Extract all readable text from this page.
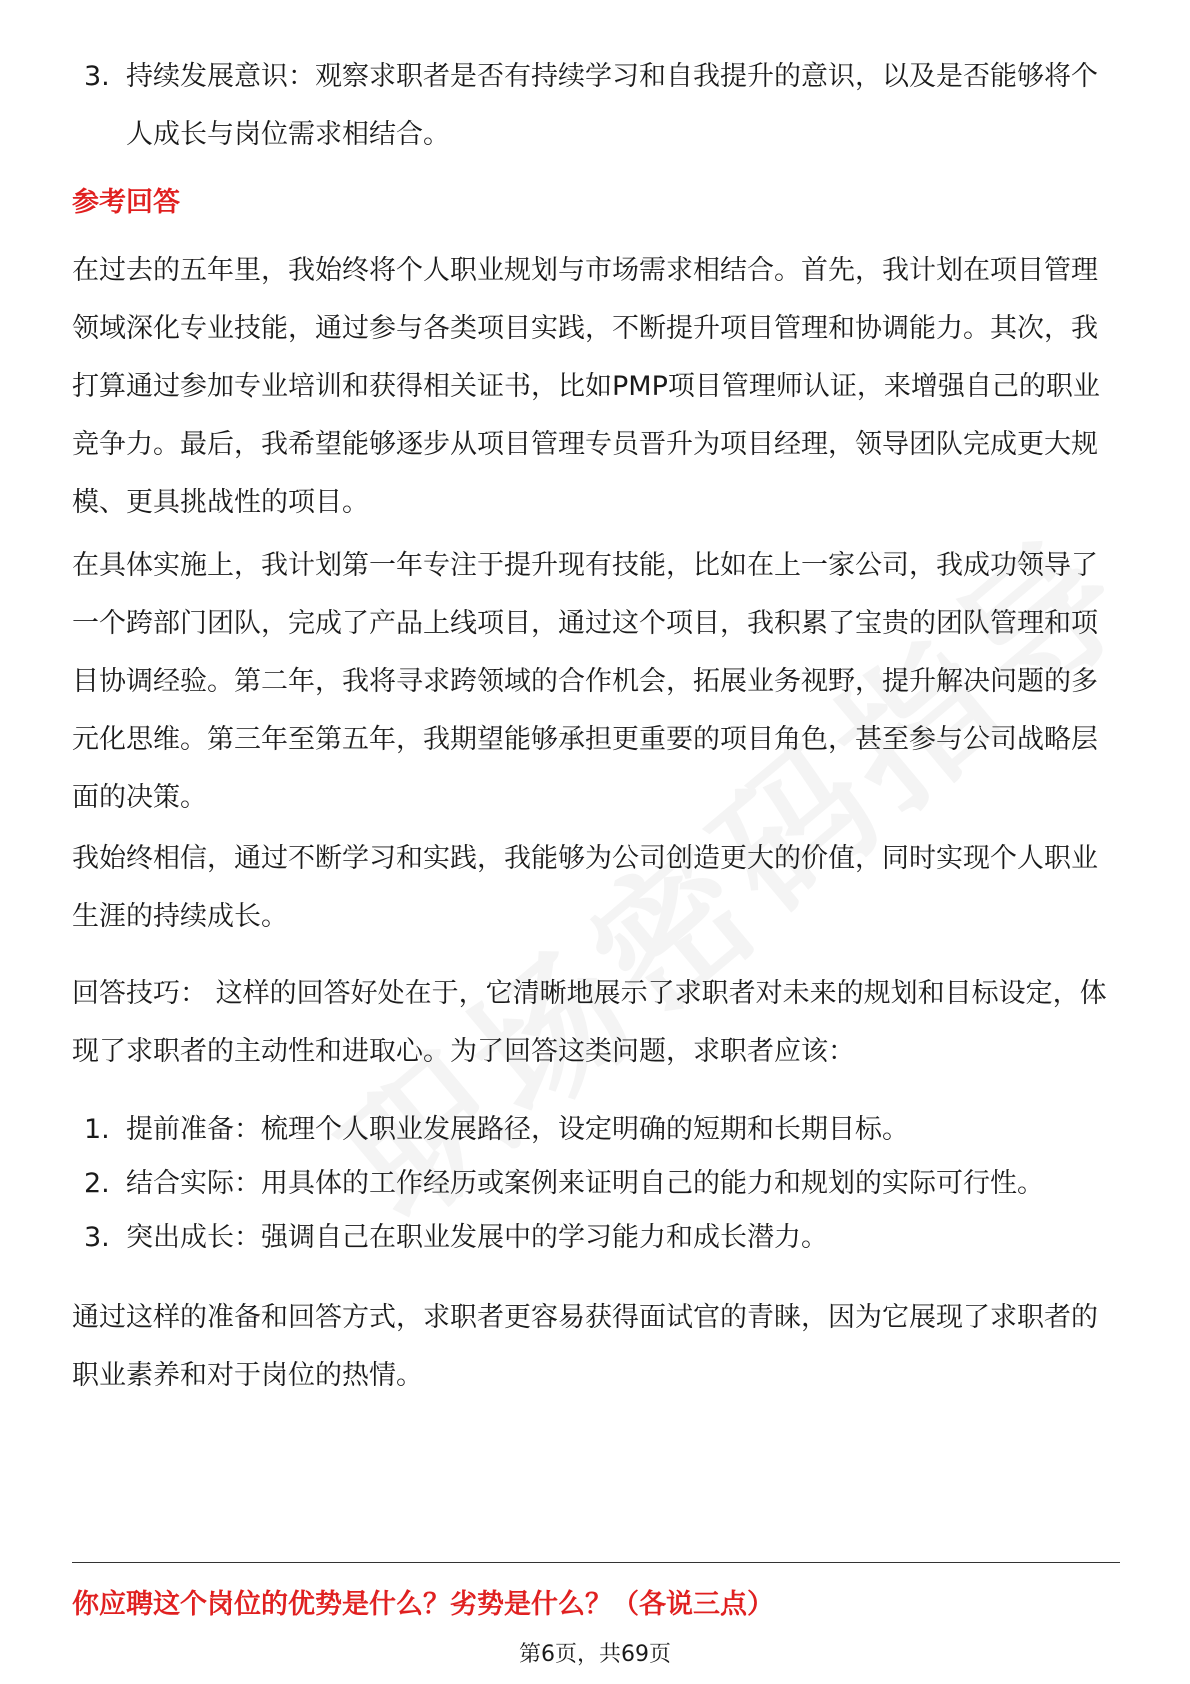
3. 持续发展意识：观察求职者是否有持续学习和自我提升的意识，以及是否能够将个人成长与岗位需求相结合。
参考回答
在过去的五年里，我始终将个人职业规划与市场需求相结合。首先，我计划在项目管理领域深化专业技能，通过参与各类项目实践，不断提升项目管理和协调能力。其次，我打算通过参加专业培训和获得相关证书，比如PMP项目管理师认证，来增强自己的职业竞争力。最后，我希望能够逐步从项目管理专员晋升为项目经理，领导团队完成更大规模、更具挑战性的项目。
在具体实施上，我计划第一年专注于提升现有技能，比如在上一家公司，我成功领导了一个跨部门团队，完成了产品上线项目，通过这个项目，我积累了宝贵的团队管理和项目协调经验。第二年，我将寻求跨领域的合作机会，拓展业务视野，提升解决问题的多元化思维。第三年至第五年，我期望能够承担更重要的项目角色，甚至参与公司战略层面的决策。
我始终相信，通过不断学习和实践，我能够为公司创造更大的价值，同时实现个人职业生涯的持续成长。
回答技巧： 这样的回答好处在于，它清晰地展示了求职者对未来的规划和目标设定，体现了求职者的主动性和进取心。为了回答这类问题，求职者应该：
1. 提前准备：梳理个人职业发展路径，设定明确的短期和长期目标。
2. 结合实际：用具体的工作经历或案例来证明自己的能力和规划的实际可行性。
3. 突出成长：强调自己在职业发展中的学习能力和成长潜力。
通过这样的准备和回答方式，求职者更容易获得面试官的青睐，因为它展现了求职者的职业素养和对于岗位的热情。
你应聘这个岗位的优势是什么？劣势是什么？（各说三点）
第6页，共69页
